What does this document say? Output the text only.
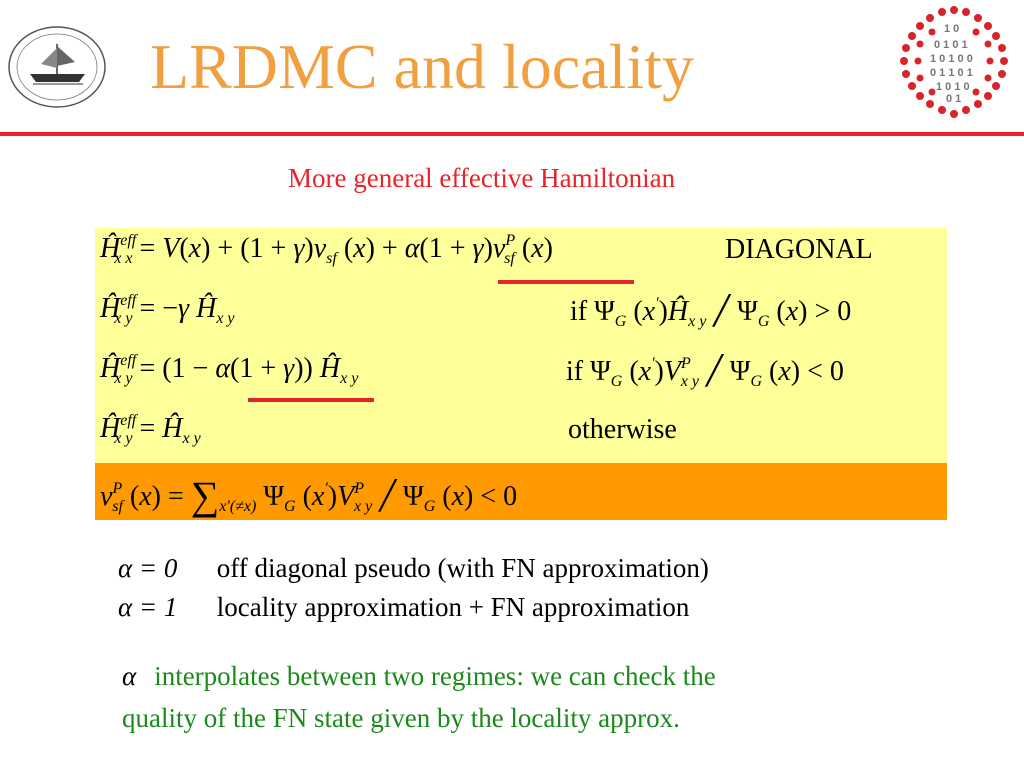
LRDMC and locality
1 0
0 1 0 1
1 0 1 0 0
0 1 1 0 1
1 0 1 0
0 1
More general effective Hamiltonian
$Ĥ^{eff}_{x x} = V(x) + (1 + \gamma)v_{sf}$ $(x) + \alpha(1 + \gamma)v^P_{sf}$ (x)	DIAGONAL
$Ĥ^{eff}_{x y} = -\gamma$ $Ĥ_{x y}$	if $\Psi_G$ $(x')Ĥ_{x y}$ ╱ $\Psi_G$ (x) > 0
$Ĥ^{eff}_{x y} = (1 - \alpha(1 + \gamma))$ $Ĥ_{x y}$	if $\Psi_G$ $(x')V^P_{x y}$ ╱ $\Psi_G$ (x) < 0
$Ĥ^{eff}_{x y}$ = $Ĥ_{x y}$	otherwise
$v^P_{sf}$ $(x) = \sum_{x'(\ne x)}$ $\Psi_G$ $(x')V^P_{x y}$ ╱ $\Psi_G$ (x) < 0
α = 0 off diagonal pseudo (with FN approximation)
α = 1 locality approximation + FN approximation
α interpolates between two regimes: we can check the
quality of the FN state given by the locality approx.
